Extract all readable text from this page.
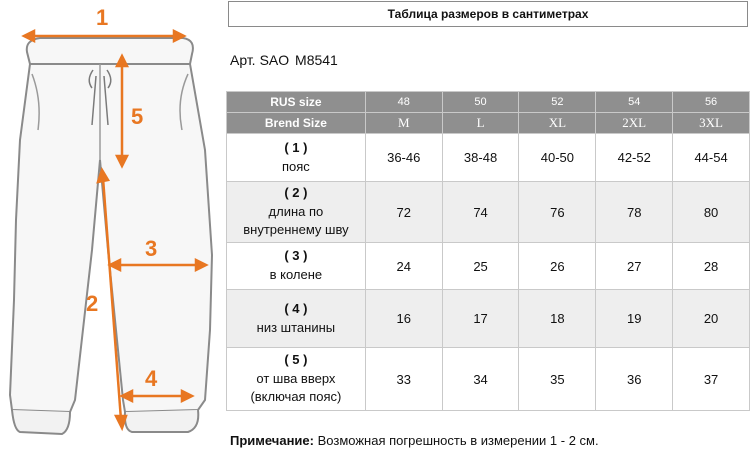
1
2
3
4
5
Таблица размеров в сантиметрах
Арт. SAO M8541
RUS size	48	50	52	54	56
Brend Size	M	L	XL	2XL	3XL

( 1 )
пояс	36-46	38-48	40-50	42-52	44-54

( 2 )
длина по
внутреннему шву	72	74	76	78	80

( 3 )
в колене	24	25	26	27	28

( 4 )
низ штанины	16	17	18	19	20

( 5 )
от шва вверх
(включая пояс)	33	34	35	36	37
Примечание: Возможная погрешность в измерении 1 - 2 см.
